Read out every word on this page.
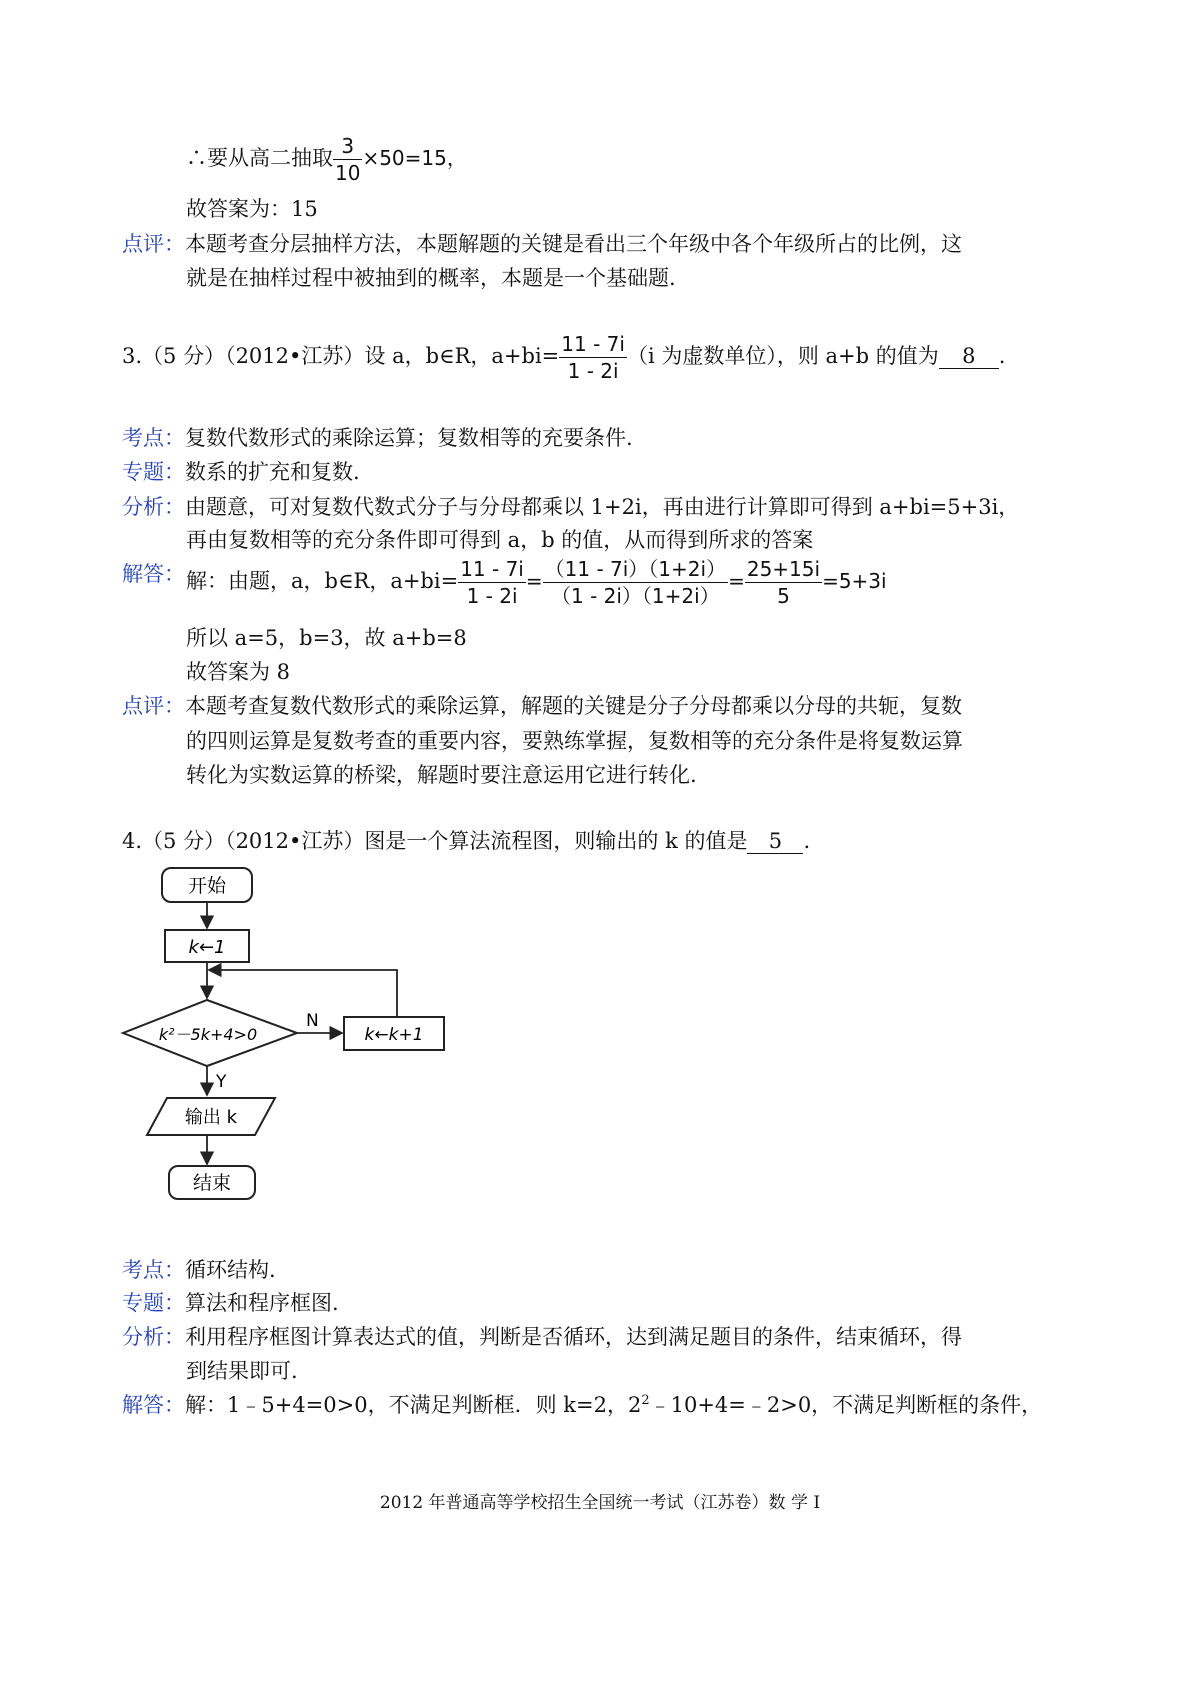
∴要从高二抽取 $\frac{3}{10} \times 50=15$，
故答案为：15
点评：本题考查分层抽样方法，本题解题的关键是看出三个年级中各个年级所占的比例，这
就是在抽样过程中被抽到的概率，本题是一个基础题.
3.（5 分）（2012•江苏）设 a，b∈R，$a+bi= \frac{11 - 7i}{1 - 2i} (i$ 为虚数单位），则 a+b 的值为 8 .
考点：复数代数形式的乘除运算；复数相等的充要条件.
专题：数系的扩充和复数.
分析：由题意，可对复数代数式分子与分母都乘以 1+2i，再由进行计算即可得到 a+bi=5+3i，
再由复数相等的充分条件即可得到 a，b 的值，从而得到所求的答案
解答： 解：由题，a，b∈R，$a+bi= \frac{11 - 7i}{1 - 2i} = \frac{(11 - 7i)(1+2i)}{(1 - 2i)(1+2i)} = \frac{25+15i}{5} =5+3i$
所以 a=5，b=3，故 a+b=8
故答案为 8
点评：本题考查复数代数形式的乘除运算，解题的关键是分子分母都乘以分母的共轭，复数
的四则运算是复数考查的重要内容，要熟练掌握，复数相等的充分条件是将复数运算
转化为实数运算的桥梁，解题时要注意运用它进行转化.
4.（5 分）（2012•江苏）图是一个算法流程图，则输出的 k 的值是 5 .
开始
k←1
k²－5k+4>0
N
k←k+1
Y
输出 k
结束
考点：循环结构.
专题：算法和程序框图.
分析：利用程序框图计算表达式的值，判断是否循环，达到满足题目的条件，结束循环，得
到结果即可.
解答：解：1﹣5+4=0>0，不满足判断框．则 k=2，$2^2﹣10+4=﹣2>0$，不满足判断框的条件，
2012 年普通高等学校招生全国统一考试（江苏卷）数 学 I
